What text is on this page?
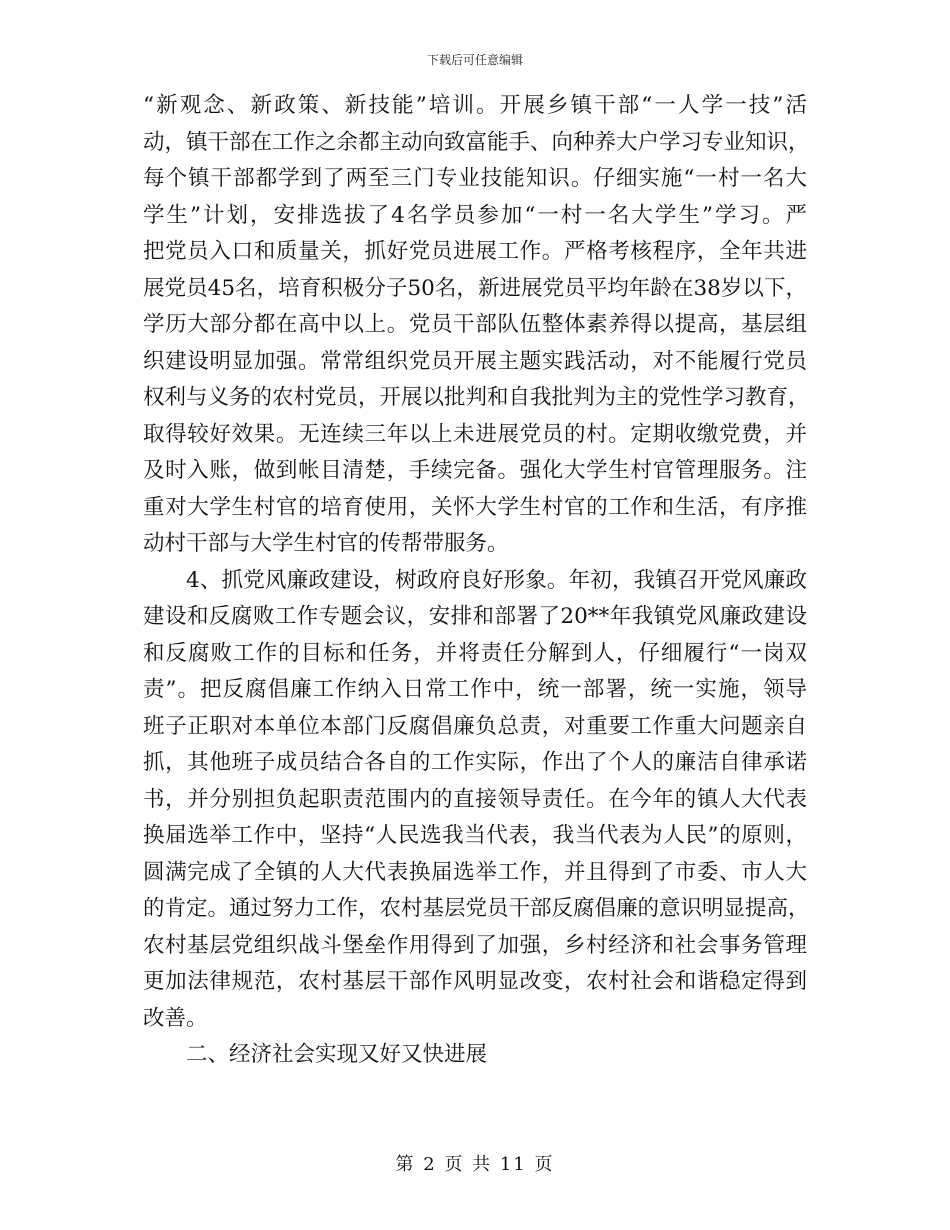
下载后可任意编辑
“新观念、新政策、新技能”培训。开展乡镇干部“一人学一技”活
动，镇干部在工作之余都主动向致富能手、向种养大户学习专业知识，
每个镇干部都学到了两至三门专业技能知识。仔细实施“一村一名大
学生”计划，安排选拔了4名学员参加“一村一名大学生”学习。严
把党员入口和质量关，抓好党员进展工作。严格考核程序，全年共进
展党员45名，培育积极分子50名，新进展党员平均年龄在38岁以下，
学历大部分都在高中以上。党员干部队伍整体素养得以提高，基层组
织建设明显加强。常常组织党员开展主题实践活动，对不能履行党员
权利与义务的农村党员，开展以批判和自我批判为主的党性学习教育，
取得较好效果。无连续三年以上未进展党员的村。定期收缴党费，并
及时入账，做到帐目清楚，手续完备。强化大学生村官管理服务。注
重对大学生村官的培育使用，关怀大学生村官的工作和生活，有序推
动村干部与大学生村官的传帮带服务。
4、抓党风廉政建设，树政府良好形象。年初，我镇召开党风廉政
建设和反腐败工作专题会议，安排和部署了20**年我镇党风廉政建设
和反腐败工作的目标和任务，并将责任分解到人，仔细履行“一岗双
责”。把反腐倡廉工作纳入日常工作中，统一部署，统一实施，领导
班子正职对本单位本部门反腐倡廉负总责，对重要工作重大问题亲自
抓，其他班子成员结合各自的工作实际，作出了个人的廉洁自律承诺
书，并分别担负起职责范围内的直接领导责任。在今年的镇人大代表
换届选举工作中，坚持“人民选我当代表，我当代表为人民”的原则，
圆满完成了全镇的人大代表换届选举工作，并且得到了市委、市人大
的肯定。通过努力工作，农村基层党员干部反腐倡廉的意识明显提高，
农村基层党组织战斗堡垒作用得到了加强，乡村经济和社会事务管理
更加法律规范，农村基层干部作风明显改变，农村社会和谐稳定得到
改善。
二、经济社会实现又好又快进展
第 2 页 共 11 页
